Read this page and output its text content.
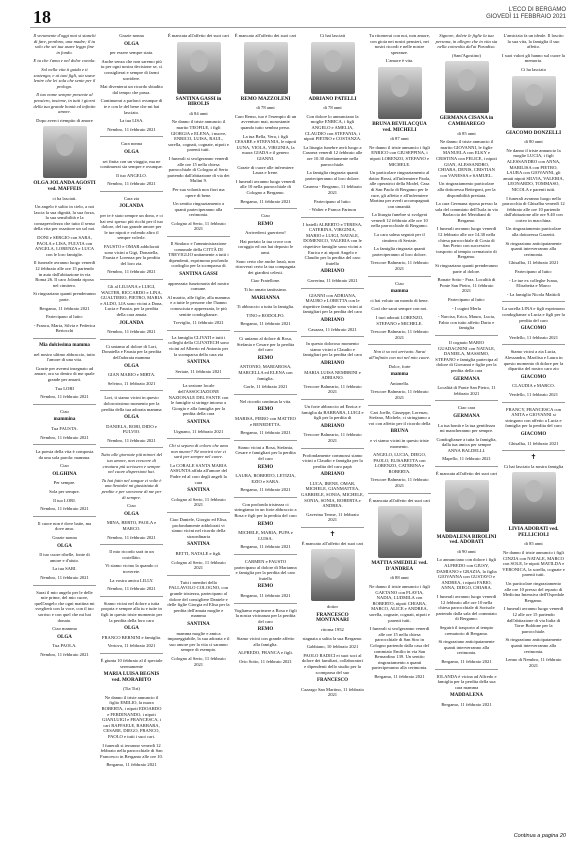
18	L'ECO DI BERGAMO
GIOVEDÌ 11 FEBBRAIO 2021

Il veramente d'oggi mai si stanchi di fare, perdono, una madre; il tu solo che sei tua usare leggo fine in fondo.

E tu che t'ama e nel dolor conola.

Sol nella vita ti guida e ti sostenga; e ai tuoi figli, sia soave lenire che lei sola che sente per il prologo.

Il tuo nome sempre presente al pensiero, insieme, in tutti i giorni della tua grande bontà ed infinito amore.

Dopo averci riempito di amore

OLGA JOLANDA AGOSTI ved. MAFFEIS

ci ha lasciati.

Un angelo è salito in cielo, a noi lascia la sua dignità, la sua forza, la sua sensibilità e la consapevolezza che tutto il senso della vita per ossattore un sol noi.

DONI e SERGIO con SARA, PAOLA e LISA, FULVIA con ANGELA, LORENZA e LUCA con le loro famiglie.

Il funerale avranno luogo venerdì 12 febbraio alle ore 15 partendo in auto dall'abitazione in via Roma 26. Il caro Jolanda riposa nel cimitero.

Si ringraziano quanti prenderanno parte.

Bergamo, 11 febbraio 2021

Partecipano al lutto:

- Franca, Maria, Silvia e Federica Bertocchi

Mia dolcissima mamma

nel nostro ultimo abbraccio, tutto l'amore di una vita.

Grazie per avermi insegnato ad amare, ora so dentro di me quale grande per amarti.

Tua LORI

Nembro, 11 febbraio 2021

Ciao

mammina

Tua FAUSTA.

Nembro, 11 febbraio 2021

La poesia della vita è composta da una sola parola: mamma.

Ciao

OLGHINA

Per sempre.

Sola per sempre.

Il tuo LORI.

Nembro, 11 febbraio 2021

Il cuore non è dove batte, ma dove ama.

Grazie nonna

OLGA

Il tuo cuore ribelle, fonte di amore e d'aiuto.

La tua SARI.

Nembro, 11 febbraio 2021

Sarai il mio angelo per le delle mie prime, del mio cuore, quell'angelo che ogni mattina mi sveglierà con la voce, con il tuo sorriso e con quel che mi hai donato.

Ciao mamma

OLGA

Tua PAOLA.

Nembro, 11 febbraio 2021

Grazie nonna

OLGA

per essere sempre stata.

Anche senza che non saremo più tu per ogni nostra decisione se, ci consiglierai e sempre di farmi sorridere.

Mai diventerai un ricordo sbiadito dal tempo che passa.

Continuerai a parlarci ovunque di te e con le del bene che mi hai lasciato.

La tua LISA.

Nembro, 11 febbraio 2021

Cara nonna

OLGA

sei finita con un viaggio, ma ne continuerai sia sempre e ovunque.

Il tuo ANGELO.

Nembro, 11 febbraio 2021

Cara zia

JOLANDA

per te è stato sempre un dono, e ci hai resi spesso più ricchi per il tuo dolore, del tuo grande amore per le tue nipoti e volendo altro il sempre volerle.

FAUSTO e OMAR addolorati sono vicini a Gigi, Donatella, Fausta e Lorenza per la perdita del loro zia.

Nembro, 11 febbraio 2021

Gli al LILIANA e LUIGI, WALTER, RICCARDO e LINA, GUALTIERO, PIETRO, MARIA e ALDO, LIA sono vicini a Dona, Lucia e Fausta, per la perdita della cara amata

JOLANDA

Nembro, 11 febbraio 2021

Ci uniamo al dolore di Lori, Donatella e Fausta per la perdita dell'adorata mamma

OLGA

GIAN MARIO e MIRTA.

Selvino, 11 febbraio 2021

Lori, ti siamo vicini in questo dolorosissimo momento per la perdita della tua adorata mamma

OLGA

DANIELA, ROBI, DIDO e FULVIO.

Nembro, 11 febbraio 2021

Tutto alle giornate più minori del tuo amore, non crescere di creatura più scrissero e sempre nel cuore dispersioni hai.

Tu hai fatto nel sangue ci volte è una Sentalei mi giustiziata di perdite e per sovvenne di me per di sempre.

Ciao

OLGA

MINA, BERTO, PAOLA e MARCO.

Nembro, 11 febbraio 2021

Il mio ricordo sarà in un costellàto.

Vi siamo vicino la quando ci troverete.

La vostra amica LILLY.

Nembro, 11 febbraio 2021

Siamo vicini nel dolore a tutta propria e sempre alla tu e tutte in figli in questo triste momento per la perdita della loro cara

OLGA

FRANCO BERNINI e famiglia.

Vertova, 11 febbraio 2021

È giunta 10 febbraio al il speciale serenamente

MARIA LUISA BEGNIS ved. MORABITO

(Tia Tiri)

Ne danno il triste annuncio il figlio EMILIO, la nuora ROBERTA, i nipoti EDOARDO e FERDINANDO, i nipoti GIANLUIGI e FRANCESCA, i cari RAFFAELE, BARBARA, CESARE, DIEGO, FRANCO, PAOLO e tutti i suoi cari.

I funerali si terranno venerdì 12 febbraio nella parrocchiale di San Francesco in Bergamo alle ore 10.

Bergamo, 11 febbraio 2021

È mancata all'affetto dei suoi cari

SANTINA GASSI in BIROLIS

di 84 anni

Ne danno il triste annuncio il marito TEOFILE, i figli GIORGIA e ELENA, i nuove, ENRICO, LUISA, RAUL, sorella, cognati, cognate, nipoti e parenti tutti.

I funerali si svolgeranno venerdì alle ore 15 nella chiesa parrocchiale di Cologno al Serio partendo dall'abitazione di via dei Mulini 9.

Per sua volontà non fiori ma opere di bene.

Un sentito ringraziamento a quanti parteciperanno alla cerimonia.

Cologno al Serio, 11 febbraio 2021

Il Sindaco e l'amministrazione comunale della CITTÀ DI TREVIGLIO unitamente a tutti i dipendenti, esprimono profondo cordoglio per la scomparsa di

SANTINA GASSI

apprezzata funzionaria del nostro comune.

Al marito, alle figlie, alla mamma e a tutte le persone che l'hanno conosciuta e apprezzata, le più sentite condoglianze.

Treviglio, 11 febbraio 2021

La famiglia CLIVATI e tutti i colleghi della CLIVATECH sono vicini ad Alberto ed Antonio per la scomparsa della cara zia

SANTINA

Seriate, 11 febbraio 2021

La sezione locale dell'ASSOCIAZIONE NAZIONALE DEL FANTE con le famiglie si stringe intorno a Giorgio e alla famiglia per la perdita della cara

SANTINA

Urgnano, 11 febbraio 2021

Chi si separa di coloro che ama non muore? Né morirà vive ci sarà per sempre nel cuore.

La CORALE SANTA MARIA ASSUNTA affida all'amore del Padre ed al caro degli angeli la cara

SANTINA

Cologno al Serio, 11 febbraio 2021

Ciao Daniele, Giorgio ed Elisa, profondamente addolorati vi siamo vicini nel ricordo della straordinaria

SANTINA

BETTI, NATALE e figli.

Cologno al Serio, 11 febbraio 2021

Tutti i membri della PALLAVOLO COLOGNO, con grande tristezza, partecipano al dolore del consigliere Daniele e delle figlie Giorgia ed Elisa per la perdita dell'amata moglie e mamma

SANTINA

mamma moglie e amica impareggiabile, la sua adorata e il suo amore per la vita ci saranno sempre di esempio.

Cologno al Serio, 11 febbraio 2021

È mancato all'affetto dei suoi cari

REMO MAZZOLENI

di 78 anni

Caro Remo, tuo è l'esempio di un avventuro mai, nonostante quando tutto sembra perso.

La tua Bella, Vera, i figli CESARE e STEFANIA, le nipoti LUNA, VIOLA, VIRGINIA, la nuora GIADA e il genero GIANNI.

Grazie di cuore alle infermiere Laura e Irene.

I funerali avranno luogo venerdì alle 10 nella parrocchiale di Cologno a Bergamo.

Bergamo, 11 febbraio 2021

Ciao

REMO

Arrivederci guerriero!

Hai portato la tua croce con coraggio ed ora hai deposto le armi.

Sono certo che anche lassù, non ritroverai certo la tua compagnia dei giardini celesti.

Ciao Fratellone.

Ti ho amato tantissimo.

MARIANNA

Ti abbraccio a tutta la famiglia.

TINO e RODOLFO.

Bergamo, 11 febbraio 2021

Ci uniamo al dolore di Rosa, Stefania e Cesare per la perdita del caro

REMO

ANTONIO, MARIAROSA, MARCELLA ed ELENA con famiglia.

Gorle, 11 febbraio 2021

Nel ricordo continua la vita.

REMO

MARISA, PIERO con MATTEO e BENEDETTA.

Bergamo, 11 febbraio 2021

Siamo vicini a Rosa, Stefania, Cesare e famigliari per la perdita del caro

REMO

LAURA, ROBERTO, LETIZIA, EZIO e SARA.

Bergamo, 11 febbraio 2021

Con profonda tristezza ci stringiamo in un forte abbraccio a Rosa e figli per la perdita del caro

REMO

MICHELE, MARIA, PUPA e LUISA.

Bergamo, 11 febbraio 2021

CARMEN e FAUSTO partecipano al dolore di Marianna e famiglia per la perdita del caro fratello

REMO

Bergamo, 11 febbraio 2021

Vogliamo esprimere a Rosa e figli la nostra vicinanza per la perdita del caro

REMO

Siamo vicini con grande affetto alla famiglia.

ALFREDO, FRANCA e figli.

Orio Sotto, 11 febbraio 2021

Ci hai lasciati

ADRIANO PATELLI

di 78 anni

Con dolore lo annunciano la moglie ENRICA, i figli ANGELO e AMELIA, CLAUDIO con STEFANIA, i nipoti PIETRO e COSTANZA.

La liturgia funebre avrà luogo a Casnera venerdì 12 febbraio alle ore 10.30 direttamente nella parrocchiale.

La famiglia ringrazia quanti parteciperanno al loro dolore.

Casnera - Bergamo, 11 febbraio 2021

Partecipano al lutto:

- Walter e Franca Farinon

I fratelli ALBERTO e TERESA, CATERINA, VIRGINIA, MARIO e LUIGI, NATALE, DOMENICO, VALERIA con le rispettive famiglie sono vicini a Enrica e ai nipoti Angelo e Claudio per la perdita del caro fratello

ADRIANO

Gaverina, 11 febbraio 2021

GIANNI con ADRIANA, MAURO e LORETTA con le rispettive famiglie sono vicini ai famigliari per la perdita del caro

ADRIANO

Casazza, 11 febbraio 2021

In questo doloroso momento siamo vicini a Claudio e famigliari per la perdita del caro

ADRIANO

MARIA LUISA NEMBRINI e ADRIANO.

Trescore Balneario, 11 febbraio 2021

Un forte abbraccio ad Enrica e famiglia da BARBARA, LUIGI e figli per la perdita di

ADRIANO

Trescore Balneario, 11 febbraio 2021

Profondamente commossi siamo vicini a Claudio e famiglia per la perdita del caro papà

ADRIANO

LUCA, IRENE, OMAR, MICHELE, GIANMATTEA, GABRIELE, SONIA, MICHELE, SONIA, SONIA, ROBERTA e ANDREA.

Gaverina Terme, 11 febbraio 2021

✝

È mancato all'affetto dei suoi cari

dottor

FRANCESCO MONTANARI

ritorna 1952

stagnata a salita la sua Bergamo.

Gabbiano, 10 febbraio 2021

PAOLO RADICI ei suoi soci al dolore dei familiari, collaboratori e dipendenti dello studio per la scomparsa del suo

FRANCESCO

Cazzago San Martino, 11 febbraio 2021

Tu ritornerai con noi, non amore, con gioia nei nostri pensieri, nei nostri ricordi e nelle nostre speranze.

L'amore è vita.

BRUNA BEVILACQUA ved. MICHELI

di 87 anni

Ne danno il triste annuncio i figli ENRICO con GIUSEPPINA, i nipoti LORENZO, STEFANO e MICHELE.

Un particolare ringraziamento al dottor Rossi, all'infermiere Paola, alle operatrici della Model, Casa di San Paolo di Bergamo per le cure, gli affetto e all'infermiere Martina per averli accompagnati con umanità.

La liturgia funebre si svolgerà venerdì 12 febbraio alle ore 10 nella parrocchiale di Bergamo.

La cara salma seguirà per il cimitero di Seriate.

La famiglia ringrazia quanti parteciperanno al loro dolore.

Trescore Balneario, 11 febbraio 2021

Ciao

mamma

ci hai voluto un mondo di bene.

Così che sarai sempre con noi.

I tuoi adorati LORENZO, STEFANO e MICHELE.

Trescore Balneario, 11 febbraio 2021

Non ti so noi arrivato. Sarai all'infinito con noi nel mio cuore.

Dolce, forte

mamma

Antonella.

Trescore Balneario, 11 febbraio 2021

Cari Joelle, Giuseppe, Lorenzo, Stefano, Michele, ci stringiamo a voi con affetto per il ricordo della

BRUNA

e vi siamo vicini in questo triste momento.

ANGELO, LUCIA, DIEGO, PAOLO, ELISABETTA con LORENZO, CATERINA e ROBERTA.

Trescore Balneario, 11 febbraio 2021

È mancata all'affetto dei suoi cari

MATTIA SMEDILE ved. D'ANDREA

di 88 anni

Ne danno il triste annuncio i figli GAETANO con FLAVIA, NADIA, LUDMILA con ROBERTO, nipoti CHIARA, MARCO, ALICE e ANDREA, sorella, cognate, cognati, nipoti e parenti tutti.

I funerali si svolgeranno venerdì alle ore 15 nella chiesa parrocchiale di San Siro in Cologno partendo dalla casa del commiato Emilio in via San Bernardino 139. Un sentito ringraziamento a quanti parteciperanno alla cerimonia.

Bergamo, 11 febbraio 2021

Signore, dolete le figlie la tua persona, in allegro che in vita sia nella coinvolta dal'ai Paradiso.

(Sant'Agostino)

GERMANA CISANA in CAMBIAREGO

di 85 anni

Ne danno il triste annuncio il marito GIOVANNI, le figlie MANUELA con ELKY e CRISTINA con FELICE, i nipoti GIAN, ALESSANDRO, CHIARA, DENIS, CRISTIAN con VANESSA e SAMUEL.

Un ringraziamento particolare alla dottoressa Bettegoni, per la disponibilità prestata.

La cara Germana riposa presso la sala del commiato dell'Isola in via Barlaccia dei Meridiani di Bergamo.

I funerali avranno luogo venerdì 12 febbraio alle ore 14.30 nella chiesa parrocchiale di Costa di San Pietro con successivo trasporto al tempio crematorio di Bergamo.

Si ringraziano quanti prenderanno parte al dolore.

Bonate Sotto - Fraz. Località di Ponte San Pietro, 11 febbraio 2021

Partecipano al lutto:

- I cugini Merla

- Narcisa, Erica, Mauro, Lucia, Fabio con tutto affetto Dario e famiglia

Il cognato MARIO GUADAGNINI con NATALE, DANIELA, MASSIMO, STEFANO e famiglia partecipa al dolore di Giovanni e figlie per la perdita della cara

GERMANA

Località di Ponte San Pietro, 11 febbraio 2021

Ciao cara

GERMANA

La tua bontà e la tua gentilezza mi mancheranno per sempre.

Condoglianze a tutta la famiglia, dalla tua amica per sempre ANNA BALDELLI.

Mapello, 11 febbraio 2021

È mancata all'affetto dei suoi cari

MADDALENA BIROLINI ved. ADOBATI

di 90 anni

Lo annunciano con dolore i figli ALFREDO con GIUSY, DAMIANO e GRAZIA, la figlia GIOVANNA con GUSTAVO e ANDREA, i nipoti FABIO, ANNA, DIEGO, CHIARA.

I funerali avranno luogo venerdì 12 febbraio alle ore 10 nella chiesa parrocchiale di Sorisole partendo dalla sala del commiato di Bergamo.

Seguirà il trasporto al tempio crematorio di Bergamo.

Si ringraziano anticipatamente quanti interverranno alla cerimonia.

Bergamo, 11 febbraio 2021

IOLANDA è vicina ad Alfredo e famiglia per la perdita della sua cara mamma

MADDALENA

Bergamo, 11 febbraio 2021

L'amicizia fa un ideale. Il lascito la sua vita, la famiglia il suo affetto.

I suoi valori gli hanno sul cuore la memoria.

Ci ha lasciato

GIACOMO DONZELLI

di 80 anni

Ne danno il triste annuncio la moglie LUCIA, i figli ALESSANDRO con ANNA, MARILISA con PIETRO, LAURA con GIOVANNI, gli amati nipoti SILVIA, VALERIA, LEONARDO, TOMMASO, NICOLA e parenti tutti.

I funerali avranno luogo nella parrocchia di Ghisalba venerdì 12 febbraio alle ore 10 partendo dall'abitazione alle ore 9.40 con corteo in macchina.

Un ringraziamento particolare alla dottoressa Garzetti.

Si ringraziano anticipatamente quanti interverranno alla cerimonia.

Ghisalba, 11 febbraio 2021

Partecipano al lutto:

- Le tue ex colleghe Ivana, Elisabetta e Marco

- La famiglia Nicola Mattioli

La sorella LINA e figli esprimono condoglianze a Lucia e figli per la perdita del caro

GIACOMO

Verdello, 11 febbraio 2021

Siamo vicini a zia Lucia, Alessandro, Marilisa e Laura in questo momento di dolore per la dipartita del nostro caro zio

GIACOMO

CLAUDIA e MARCO.

Verdello, 11 febbraio 2021

FRANCY, FRANCESCA con ANITA e GIOVANNI si stringono con affetto a Lucia e famiglia per la perdita del caro

GIACOMO

Ghisalba, 11 febbraio 2021

✝

Ci hai lasciato la nostra famiglia

LIVIA ADOBATI ved. PELLICIOLI

di 85 anni

Ne danno il triste annuncio i figli CINZIA con NATALE, MARCO con SOLE, le nipoti MATILDA e VERONICA, la sorella, cognate e parenti tutti.

Un particolare ringraziamento alle ore 10 presso del reparto di Medicina Intensiva dell'Ospedale Bergamo.

I funerali avranno luogo venerdì 12 alle ore 15 partendo dall'abitazione di via Italia di Torre Boldone per la parrocchiale.

Si ringraziano anticipatamente quanti interverranno alla cerimonia.

Lenno di Nembro, 11 febbraio 2021

Continua a pagina 20
